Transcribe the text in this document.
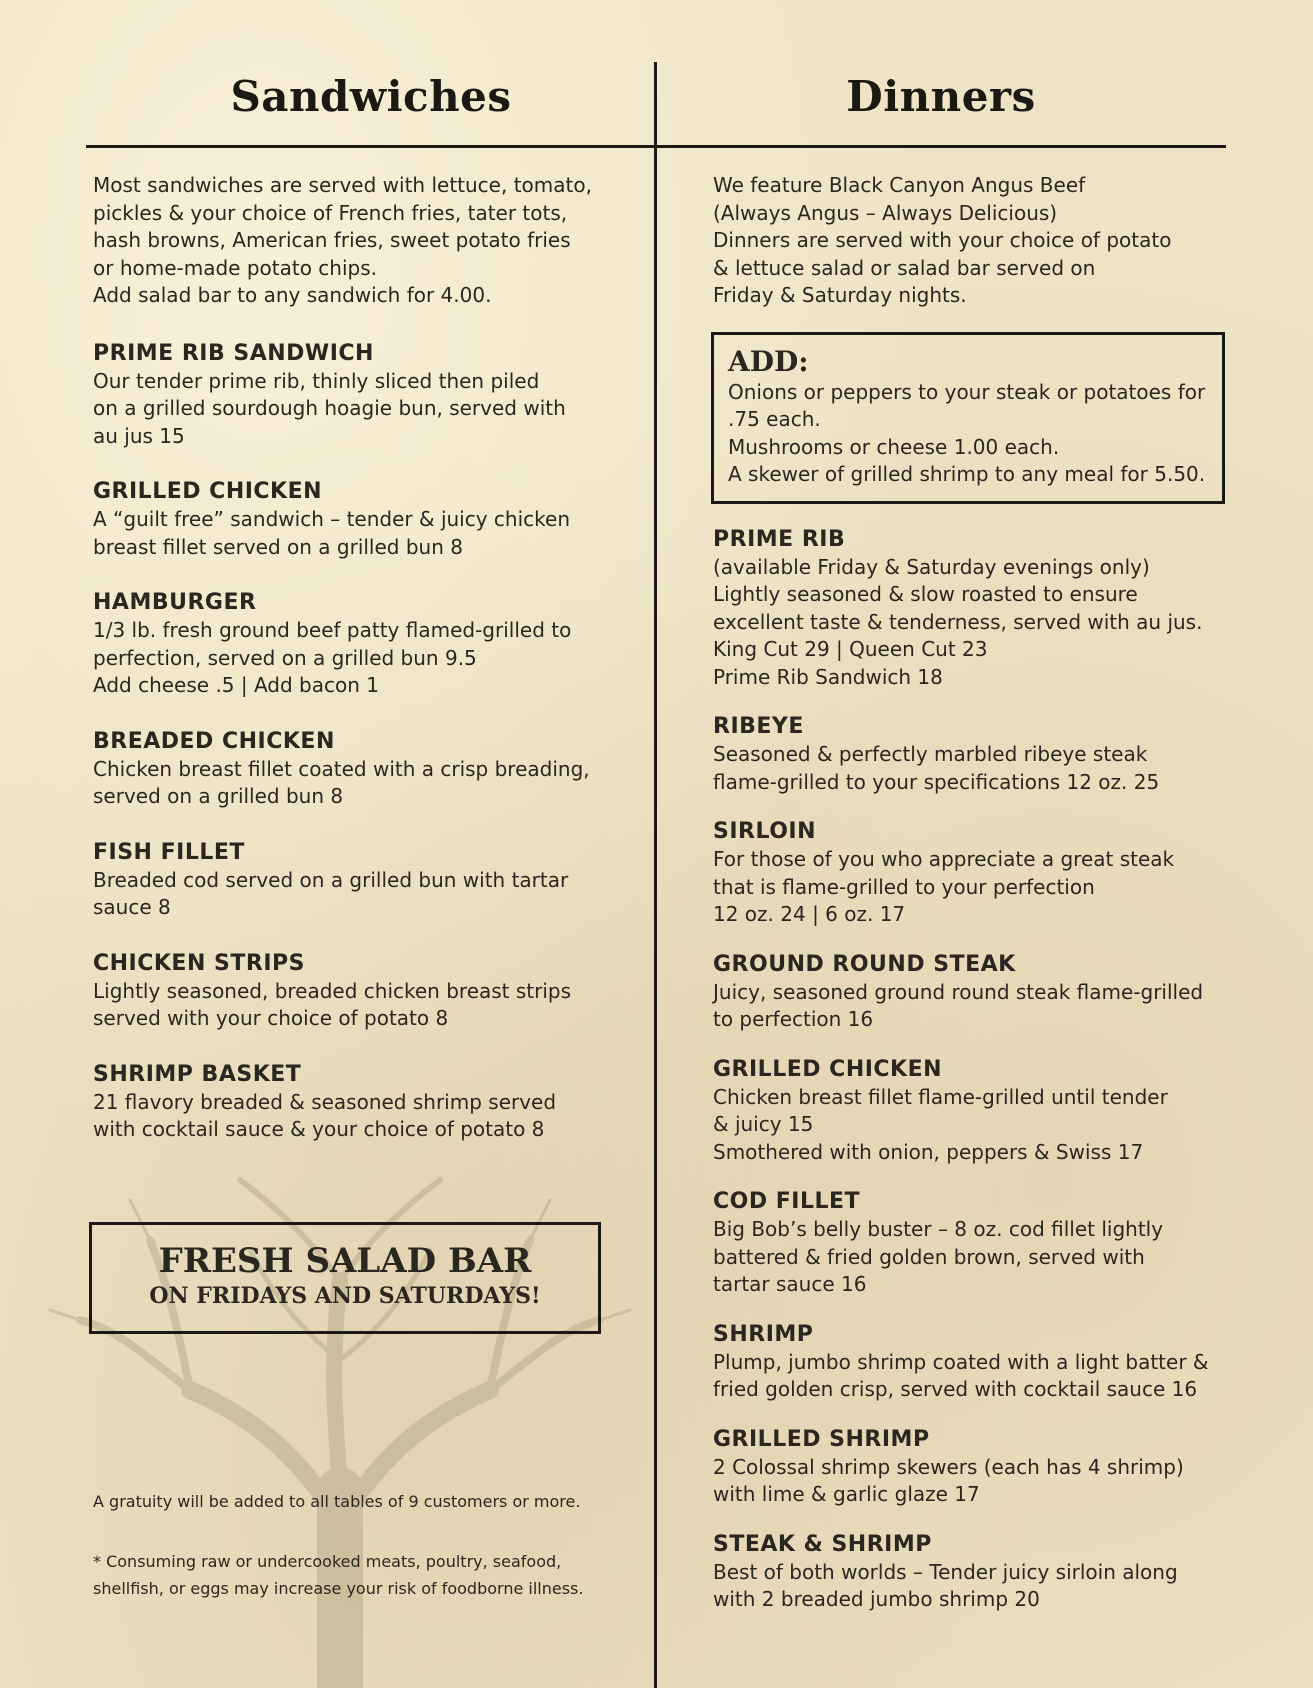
Sandwiches	Dinners
Most sandwiches are served with lettuce, tomato,
pickles & your choice of French fries, tater tots,
hash browns, American fries, sweet potato fries
or home-made potato chips.
Add salad bar to any sandwich for 4.00.
PRIME RIB SANDWICH
Our tender prime rib, thinly sliced then piled
on a grilled sourdough hoagie bun, served with
au jus 15
GRILLED CHICKEN
A “guilt free” sandwich – tender & juicy chicken
breast fillet served on a grilled bun 8
HAMBURGER
1/3 lb. fresh ground beef patty flamed-grilled to
perfection, served on a grilled bun 9.5
Add cheese .5 | Add bacon 1
BREADED CHICKEN
Chicken breast fillet coated with a crisp breading,
served on a grilled bun 8
FISH FILLET
Breaded cod served on a grilled bun with tartar
sauce 8
CHICKEN STRIPS
Lightly seasoned, breaded chicken breast strips
served with your choice of potato 8
SHRIMP BASKET
21 flavory breaded & seasoned shrimp served
with cocktail sauce & your choice of potato 8
FRESH SALAD BAR
ON FRIDAYS AND SATURDAYS!
A gratuity will be added to all tables of 9 customers or more.
* Consuming raw or undercooked meats, poultry, seafood,
shellfish, or eggs may increase your risk of foodborne illness.
We feature Black Canyon Angus Beef
(Always Angus – Always Delicious)
Dinners are served with your choice of potato
& lettuce salad or salad bar served on
Friday & Saturday nights.
ADD:
Onions or peppers to your steak or potatoes for
.75 each.
Mushrooms or cheese 1.00 each.
A skewer of grilled shrimp to any meal for 5.50.
PRIME RIB
(available Friday & Saturday evenings only)
Lightly seasoned & slow roasted to ensure
excellent taste & tenderness, served with au jus.
King Cut 29 | Queen Cut 23
Prime Rib Sandwich 18
RIBEYE
Seasoned & perfectly marbled ribeye steak
flame-grilled to your specifications 12 oz. 25
SIRLOIN
For those of you who appreciate a great steak
that is flame-grilled to your perfection
12 oz. 24 | 6 oz. 17
GROUND ROUND STEAK
Juicy, seasoned ground round steak flame-grilled
to perfection 16
GRILLED CHICKEN
Chicken breast fillet flame-grilled until tender
& juicy 15
Smothered with onion, peppers & Swiss 17
COD FILLET
Big Bob’s belly buster – 8 oz. cod fillet lightly
battered & fried golden brown, served with
tartar sauce 16
SHRIMP
Plump, jumbo shrimp coated with a light batter &
fried golden crisp, served with cocktail sauce 16
GRILLED SHRIMP
2 Colossal shrimp skewers (each has 4 shrimp)
with lime & garlic glaze 17
STEAK & SHRIMP
Best of both worlds – Tender juicy sirloin along
with 2 breaded jumbo shrimp 20
